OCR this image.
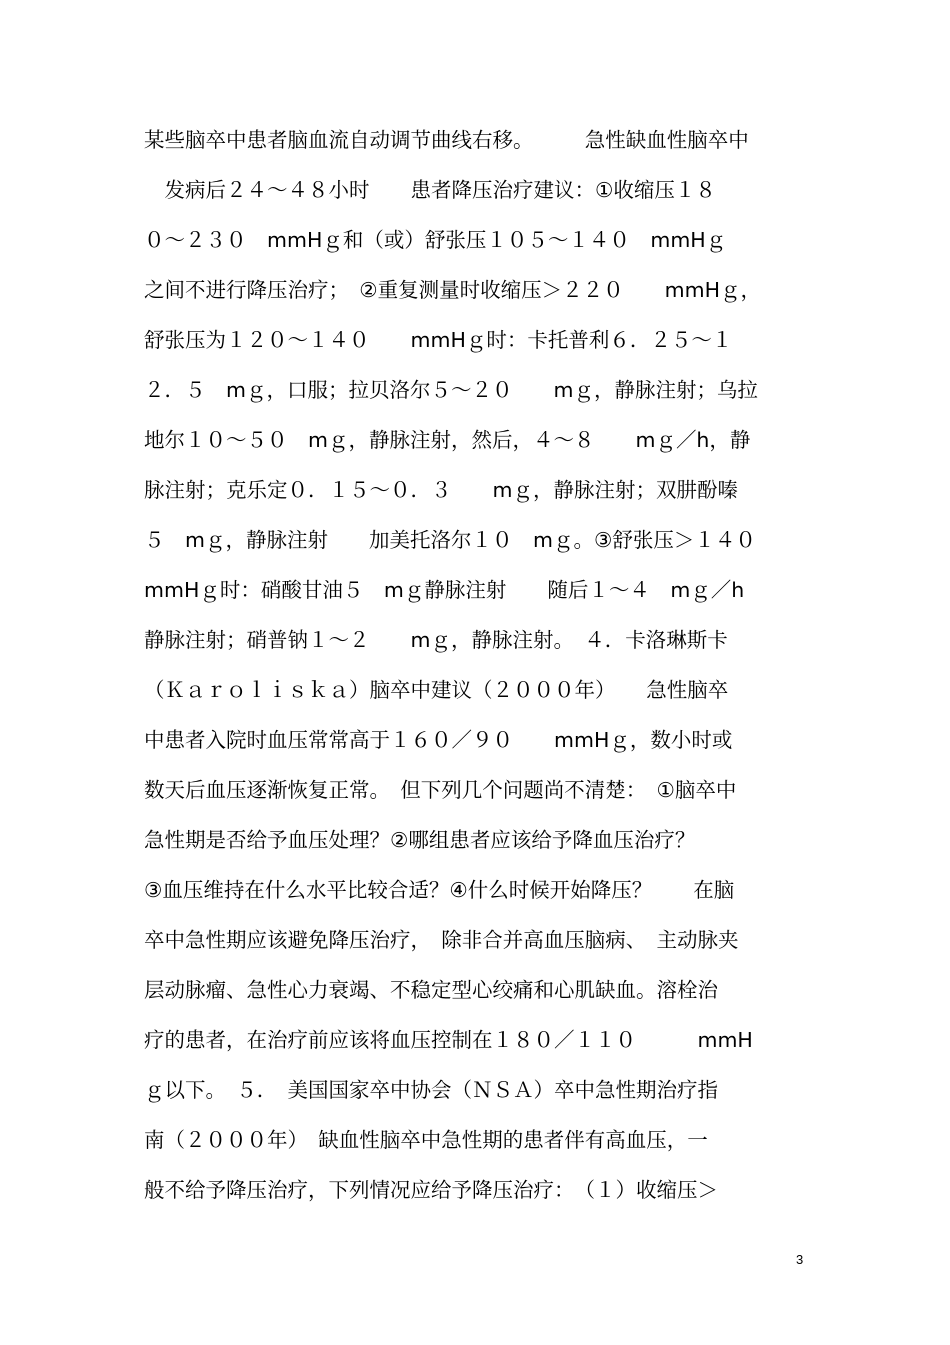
某些脑卒中患者脑血流自动调节曲线右移。　　　急性缺血性脑卒中
　发病后２４～４８小时　　患者降压治疗建议：①收缩压１８
０～２３０　mmHｇ和（或）舒张压１０５～１４０　mmHｇ
之间不进行降压治疗；　②重复测量时收缩压＞２２０　　mmHｇ，
舒张压为１２０～１４０　　mmHｇ时：卡托普利６．２５～１
２．５　mｇ，口服；拉贝洛尔５～２０　　mｇ，静脉注射；乌拉
地尔１０～５０　mｇ，静脉注射，然后，４～８　　mｇ／h，静
脉注射；克乐定０．１５～０．３　　mｇ，静脉注射；双肼酚嗪
５　mｇ，静脉注射　　加美托洛尔１０　mｇ。③舒张压＞１４０
mmHｇ时：硝酸甘油５　mｇ静脉注射　　随后１～４　mｇ／h
静脉注射；硝普钠１～２　　mｇ，静脉注射。　４．卡洛琳斯卡
（Ｋａｒｏｌｉｓｋａ）脑卒中建议（２０００年）　　急性脑卒
中患者入院时血压常常高于１６０／９０　　mmHｇ，数小时或
数天后血压逐渐恢复正常。　但下列几个问题尚不清楚：　①脑卒中
急性期是否给予血压处理？②哪组患者应该给予降血压治疗？
③血压维持在什么水平比较合适？④什么时候开始降压？　　在脑
卒中急性期应该避免降压治疗，　除非合并高血压脑病、　主动脉夹
层动脉瘤、急性心力衰竭、不稳定型心绞痛和心肌缺血。溶栓治
疗的患者，在治疗前应该将血压控制在１８０／１１０　　　mmH
ｇ以下。　５．　美国国家卒中协会（ＮＳＡ）卒中急性期治疗指
南（２０００年）　缺血性脑卒中急性期的患者伴有高血压，一
般不给予降压治疗，下列情况应给予降压治疗：　（１）收缩压＞
3
